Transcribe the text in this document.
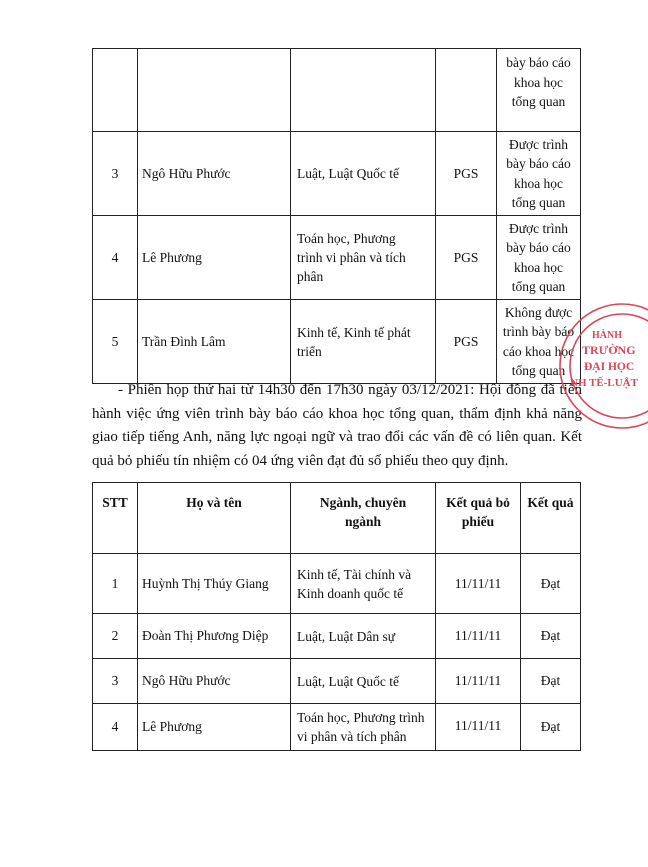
				bày báo cáo
khoa học
tổng quan
3	Ngô Hữu Phước	Luật, Luật Quốc tế	PGS	Được trình
bày báo cáo
khoa học
tổng quan
4	Lê Phương	Toán học, Phương
trình vi phân và tích
phân	PGS	Được trình
bày báo cáo
khoa học
tổng quan
5	Trần Đình Lâm	Kinh tế, Kinh tế phát
triển	PGS	Không được
trình bày báo
cáo khoa học
tổng quan

- Phiên họp thứ hai từ 14h30 đến 17h30 ngày 03/12/2021: Hội đồng đã tiến hành việc ứng viên trình bày báo cáo khoa học tổng quan, thẩm định khả năng giao tiếp tiếng Anh, năng lực ngoại ngữ và trao đổi các vấn đề có liên quan. Kết quả bỏ phiếu tín nhiệm có 04 ứng viên đạt đủ số phiếu theo quy định.

STT	Họ và tên	Ngành, chuyên
ngành	Kết quả bỏ
phiếu	Kết quả
1	Huỳnh Thị Thúy Giang	Kinh tế, Tài chính và
Kinh doanh quốc tế	11/11/11	Đạt
2	Đoàn Thị Phương Diệp	Luật, Luật Dân sự	11/11/11	Đạt
3	Ngô Hữu Phước	Luật, Luật Quốc tế	11/11/11	Đạt
4	Lê Phương	Toán học, Phương trình
vi phân và tích phân	11/11/11	Đạt
HÀNH
TRƯỜNG
ĐẠI HỌC
NH TẾ-LUẬT
